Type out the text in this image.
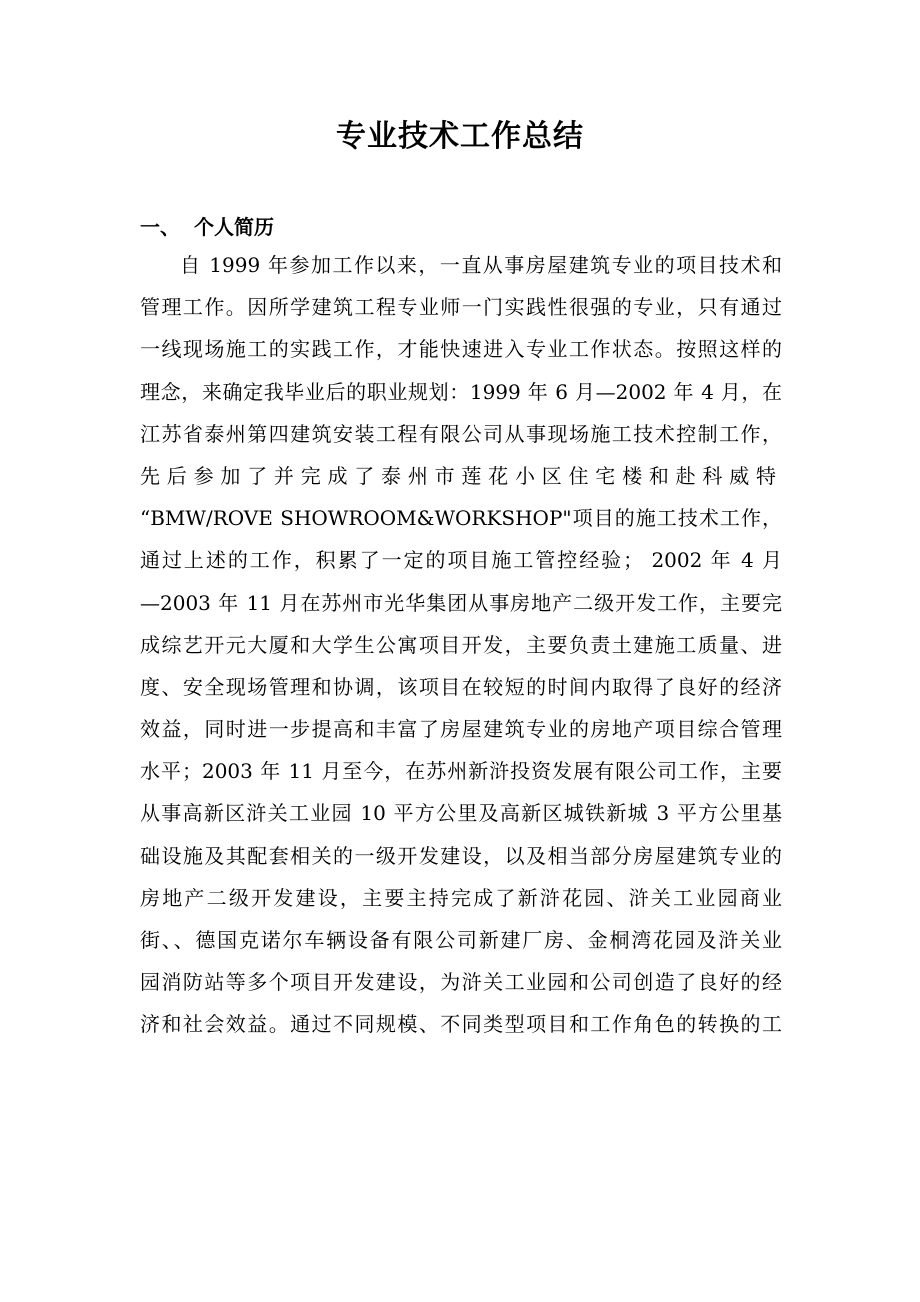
专业技术工作总结
一、 个人简历
自 1999 年参加工作以来，一直从事房屋建筑专业的项目技术和
管理工作。因所学建筑工程专业师一门实践性很强的专业，只有通过
一线现场施工的实践工作，才能快速进入专业工作状态。按照这样的
理念，来确定我毕业后的职业规划：1999 年 6 月—2002 年 4 月，在
江苏省泰州第四建筑安装工程有限公司从事现场施工技术控制工作，
先后参加了并完成了泰州市莲花小区住宅楼和赴科威特
“BMW/ROVE SHOWROOM&WORKSHOP"项目的施工技术工作，
通过上述的工作，积累了一定的项目施工管控经验； 2002 年 4 月
—2003 年 11 月在苏州市光华集团从事房地产二级开发工作，主要完
成综艺开元大厦和大学生公寓项目开发，主要负责土建施工质量、进
度、安全现场管理和协调，该项目在较短的时间内取得了良好的经济
效益，同时进一步提高和丰富了房屋建筑专业的房地产项目综合管理
水平；2003 年 11 月至今，在苏州新浒投资发展有限公司工作，主要
从事高新区浒关工业园 10 平方公里及高新区城铁新城 3 平方公里基
础设施及其配套相关的一级开发建设，以及相当部分房屋建筑专业的
房地产二级开发建设，主要主持完成了新浒花园、浒关工业园商业
街、、德国克诺尔车辆设备有限公司新建厂房、金桐湾花园及浒关业
园消防站等多个项目开发建设，为浒关工业园和公司创造了良好的经
济和社会效益。通过不同规模、不同类型项目和工作角色的转换的工
